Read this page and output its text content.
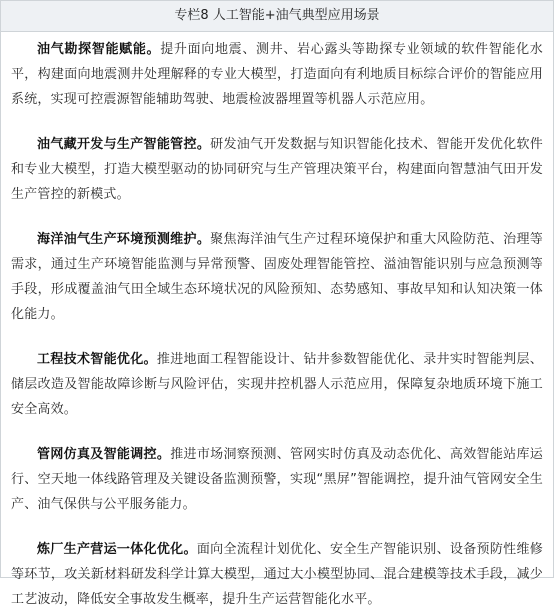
专栏8 人工智能+油气典型应用场景

油气勘探智能赋能。提升面向地震、测井、岩心露头等勘探专业领域的软件智能化水平，构建面向地震测井处理解释的专业大模型，打造面向有利地质目标综合评价的智能应用系统，实现可控震源智能辅助驾驶、地震检波器埋置等机器人示范应用。

油气藏开发与生产智能管控。研发油气开发数据与知识智能化技术、智能开发优化软件和专业大模型，打造大模型驱动的协同研究与生产管理决策平台，构建面向智慧油气田开发生产管控的新模式。

海洋油气生产环境预测维护。聚焦海洋油气生产过程环境保护和重大风险防范、治理等需求，通过生产环境智能监测与异常预警、固废处理智能管控、溢油智能识别与应急预测等手段，形成覆盖油气田全域生态环境状况的风险预知、态势感知、事故早知和认知决策一体化能力。

工程技术智能优化。推进地面工程智能设计、钻井参数智能优化、录井实时智能判层、储层改造及智能故障诊断与风险评估，实现井控机器人示范应用，保障复杂地质环境下施工安全高效。

管网仿真及智能调控。推进市场洞察预测、管网实时仿真及动态优化、高效智能站库运行、空天地一体线路管理及关键设备监测预警，实现“黑屏”智能调控，提升油气管网安全生产、油气保供与公平服务能力。

炼厂生产营运一体化优化。面向全流程计划优化、安全生产智能识别、设备预防性维修等环节，攻关新材料研发科学计算大模型，通过大小模型协同、混合建模等技术手段，减少工艺波动，降低安全事故发生概率，提升生产运营智能化水平。
